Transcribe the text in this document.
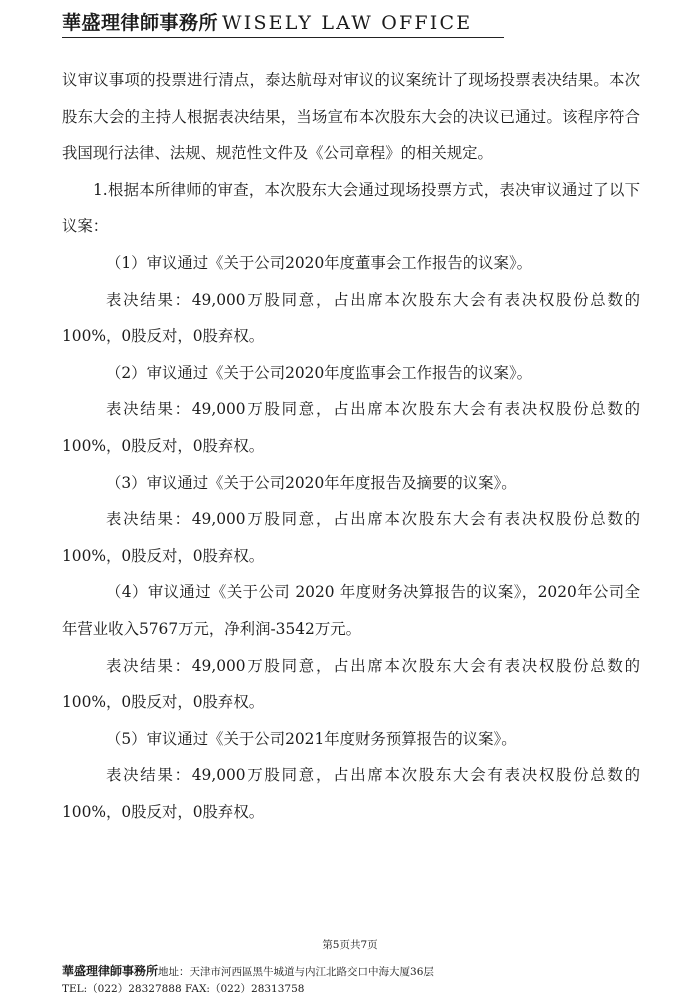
華盛理律師事務所 WISELY LAW OFFICE

议审议事项的投票进行清点，泰达航母对审议的议案统计了现场投票表决结果。本次股东大会的主持人根据表决结果，当场宣布本次股东大会的决议已通过。该程序符合我国现行法律、法规、规范性文件及《公司章程》的相关规定。

1.根据本所律师的审查，本次股东大会通过现场投票方式，表决审议通过了以下议案：

（1）审议通过《关于公司2020年度董事会工作报告的议案》。

表决结果：49,000万股同意，占出席本次股东大会有表决权股份总数的100%，0股反对，0股弃权。

（2）审议通过《关于公司2020年度监事会工作报告的议案》。

表决结果：49,000万股同意，占出席本次股东大会有表决权股份总数的100%，0股反对，0股弃权。

（3）审议通过《关于公司2020年年度报告及摘要的议案》。

表决结果：49,000万股同意，占出席本次股东大会有表决权股份总数的100%，0股反对，0股弃权。

（4）审议通过《关于公司 2020 年度财务决算报告的议案》，2020年公司全年营业收入5767万元，净利润-3542万元。

表决结果：49,000万股同意，占出席本次股东大会有表决权股份总数的100%，0股反对，0股弃权。

（5）审议通过《关于公司2021年度财务预算报告的议案》。

表决结果：49,000万股同意，占出席本次股东大会有表决权股份总数的100%，0股反对，0股弃权。

第5页共7页
華盛理律師事務所地址：天津市河西區黑牛城道与内江北路交口中海大厦36层
TEL:（022）28327888 FAX:（022）28313758
